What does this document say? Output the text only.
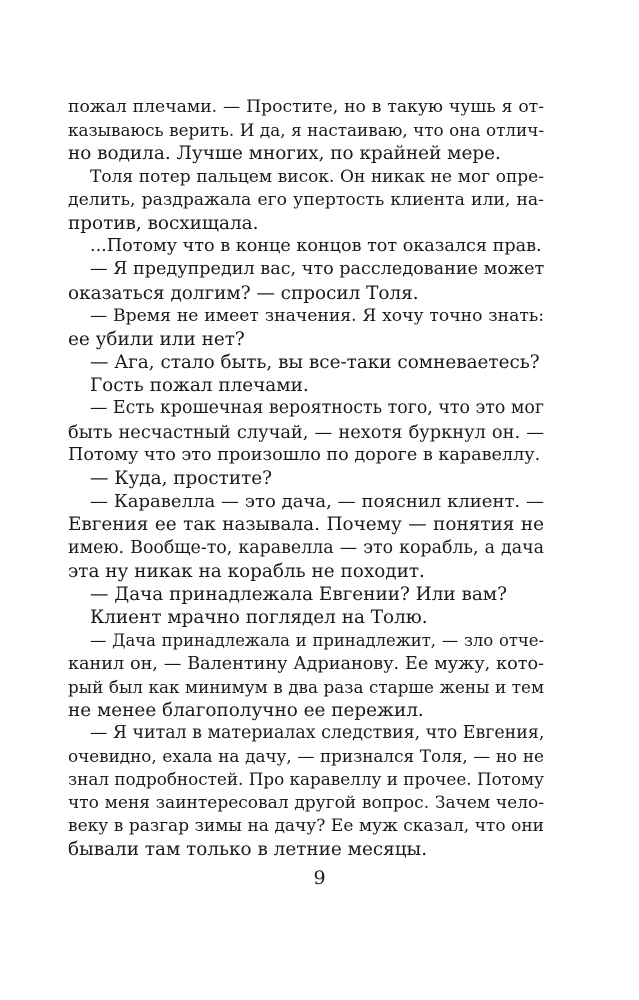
пожал плечами. — Простите, но в такую чушь я от-
казываюсь верить. И да, я настаиваю, что она отлич-
но водила. Лучше многих, по крайней мере.
Толя потер пальцем висок. Он никак не мог опре-
делить, раздражала его упертость клиента или, на-
против, восхищала.
...Потому что в конце концов тот оказался прав.
— Я предупредил вас, что расследование может
оказаться долгим? — спросил Толя.
— Время не имеет значения. Я хочу точно знать:
ее убили или нет?
— Ага, стало быть, вы все-таки сомневаетесь?
Гость пожал плечами.
— Есть крошечная вероятность того, что это мог
быть несчастный случай, — нехотя буркнул он. —
Потому что это произошло по дороге в каравеллу.
— Куда, простите?
— Каравелла — это дача, — пояснил клиент. —
Евгения ее так называла. Почему — понятия не
имею. Вообще-то, каравелла — это корабль, а дача
эта ну никак на корабль не походит.
— Дача принадлежала Евгении? Или вам?
Клиент мрачно поглядел на Толю.
— Дача принадлежала и принадлежит, — зло отче-
канил он, — Валентину Адрианову. Ее мужу, кото-
рый был как минимум в два раза старше жены и тем
не менее благополучно ее пережил.
— Я читал в материалах следствия, что Евгения,
очевидно, ехала на дачу, — признался Толя, — но не
знал подробностей. Про каравеллу и прочее. Потому
что меня заинтересовал другой вопрос. Зачем чело-
веку в разгар зимы на дачу? Ее муж сказал, что они
бывали там только в летние месяцы.
9
